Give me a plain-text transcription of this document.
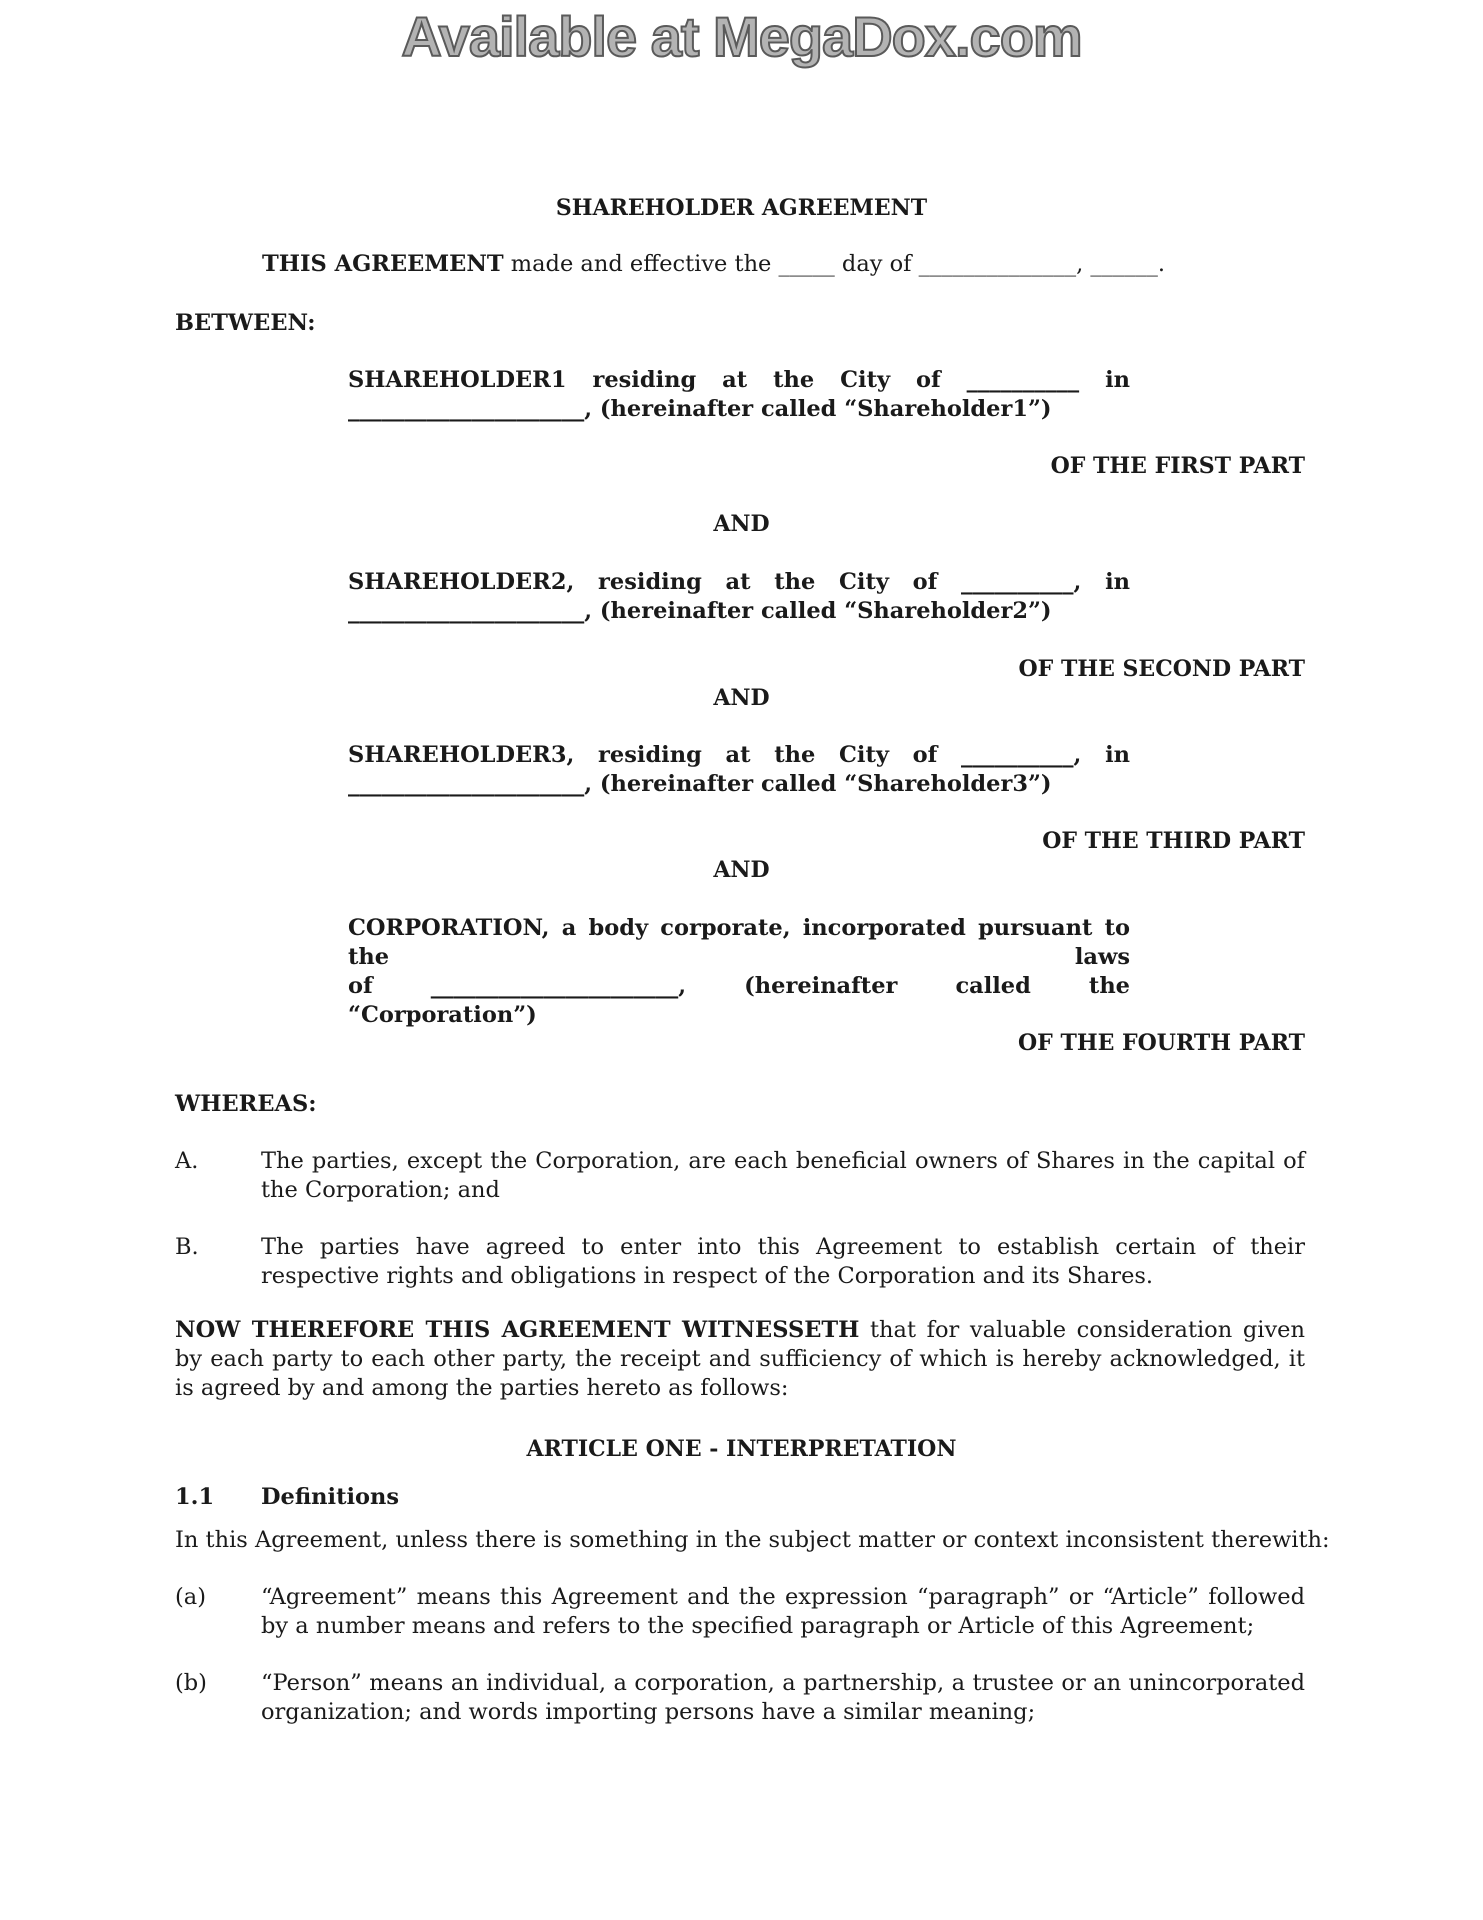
Available at MegaDox.com
SHAREHOLDER AGREEMENT
THIS AGREEMENT made and effective the _____ day of ______________, ______.
BETWEEN:
SHAREHOLDER1 residing at the City of __________ in
_____________________, (hereinafter called “Shareholder1”)
OF THE FIRST PART
AND
SHAREHOLDER2, residing at the City of __________, in
_____________________, (hereinafter called “Shareholder2”)
OF THE SECOND PART
AND
SHAREHOLDER3, residing at the City of __________, in
_____________________, (hereinafter called “Shareholder3”)
OF THE THIRD PART
AND
CORPORATION, a body corporate, incorporated pursuant to the laws
of ______________________, (hereinafter called the
“Corporation”)
OF THE FOURTH PART
WHEREAS:
A.	The parties, except the Corporation, are each beneficial owners of Shares in the capital of the Corporation; and
B.	The parties have agreed to enter into this Agreement to establish certain of their respective rights and obligations in respect of the Corporation and its Shares.
NOW THEREFORE THIS AGREEMENT WITNESSETH that for valuable consideration given by each party to each other party, the receipt and sufficiency of which is hereby acknowledged, it is agreed by and among the parties hereto as follows:
ARTICLE ONE - INTERPRETATION
1.1 Definitions
In this Agreement, unless there is something in the subject matter or context inconsistent therewith:
(a) “Agreement” means this Agreement and the expression “paragraph” or “Article” followed by a number means and refers to the specified paragraph or Article of this Agreement;
(b) “Person” means an individual, a corporation, a partnership, a trustee or an unincorporated organization; and words importing persons have a similar meaning;
